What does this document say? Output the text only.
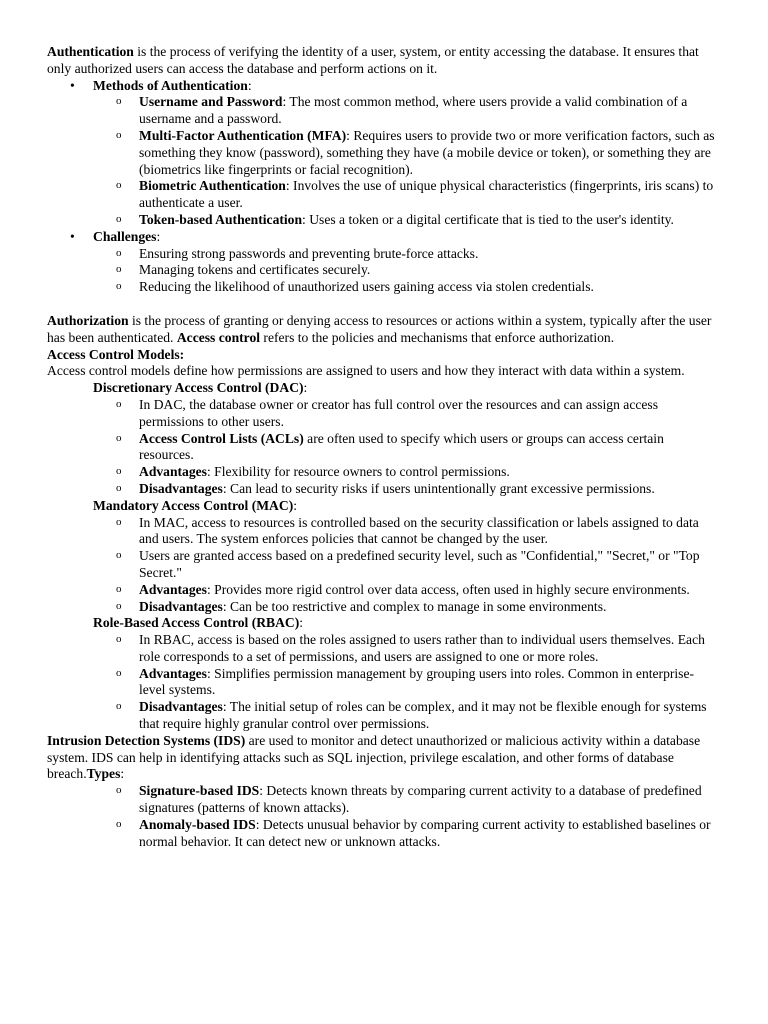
Authentication is the process of verifying the identity of a user, system, or entity accessing the database. It ensures that only authorized users can access the database and perform actions on it.

• Methods of Authentication:
o Username and Password: The most common method, where users provide a valid combination of a username and a password.
o Multi-Factor Authentication (MFA): Requires users to provide two or more verification factors, such as something they know (password), something they have (a mobile device or token), or something they are (biometrics like fingerprints or facial recognition).
o Biometric Authentication: Involves the use of unique physical characteristics (fingerprints, iris scans) to authenticate a user.
o Token-based Authentication: Uses a token or a digital certificate that is tied to the user's identity.
• Challenges:
o Ensuring strong passwords and preventing brute-force attacks.
o Managing tokens and certificates securely.
o Reducing the likelihood of unauthorized users gaining access via stolen credentials.

Authorization is the process of granting or denying access to resources or actions within a system, typically after the user has been authenticated. Access control refers to the policies and mechanisms that enforce authorization.

Access Control Models:

Access control models define how permissions are assigned to users and how they interact with data within a system.

Discretionary Access Control (DAC):

o In DAC, the database owner or creator has full control over the resources and can assign access permissions to other users.
o Access Control Lists (ACLs) are often used to specify which users or groups can access certain resources.
o Advantages: Flexibility for resource owners to control permissions.
o Disadvantages: Can lead to security risks if users unintentionally grant excessive permissions.

Mandatory Access Control (MAC):

o In MAC, access to resources is controlled based on the security classification or labels assigned to data and users. The system enforces policies that cannot be changed by the user.
o Users are granted access based on a predefined security level, such as "Confidential," "Secret," or "Top Secret."
o Advantages: Provides more rigid control over data access, often used in highly secure environments.
o Disadvantages: Can be too restrictive and complex to manage in some environments.

Role-Based Access Control (RBAC):

o In RBAC, access is based on the roles assigned to users rather than to individual users themselves. Each role corresponds to a set of permissions, and users are assigned to one or more roles.
o Advantages: Simplifies permission management by grouping users into roles. Common in enterprise-level systems.
o Disadvantages: The initial setup of roles can be complex, and it may not be flexible enough for systems that require highly granular control over permissions.

Intrusion Detection Systems (IDS) are used to monitor and detect unauthorized or malicious activity within a database system. IDS can help in identifying attacks such as SQL injection, privilege escalation, and other forms of database breach.Types:

o Signature-based IDS: Detects known threats by comparing current activity to a database of predefined signatures (patterns of known attacks).
o Anomaly-based IDS: Detects unusual behavior by comparing current activity to established baselines or normal behavior. It can detect new or unknown attacks.
